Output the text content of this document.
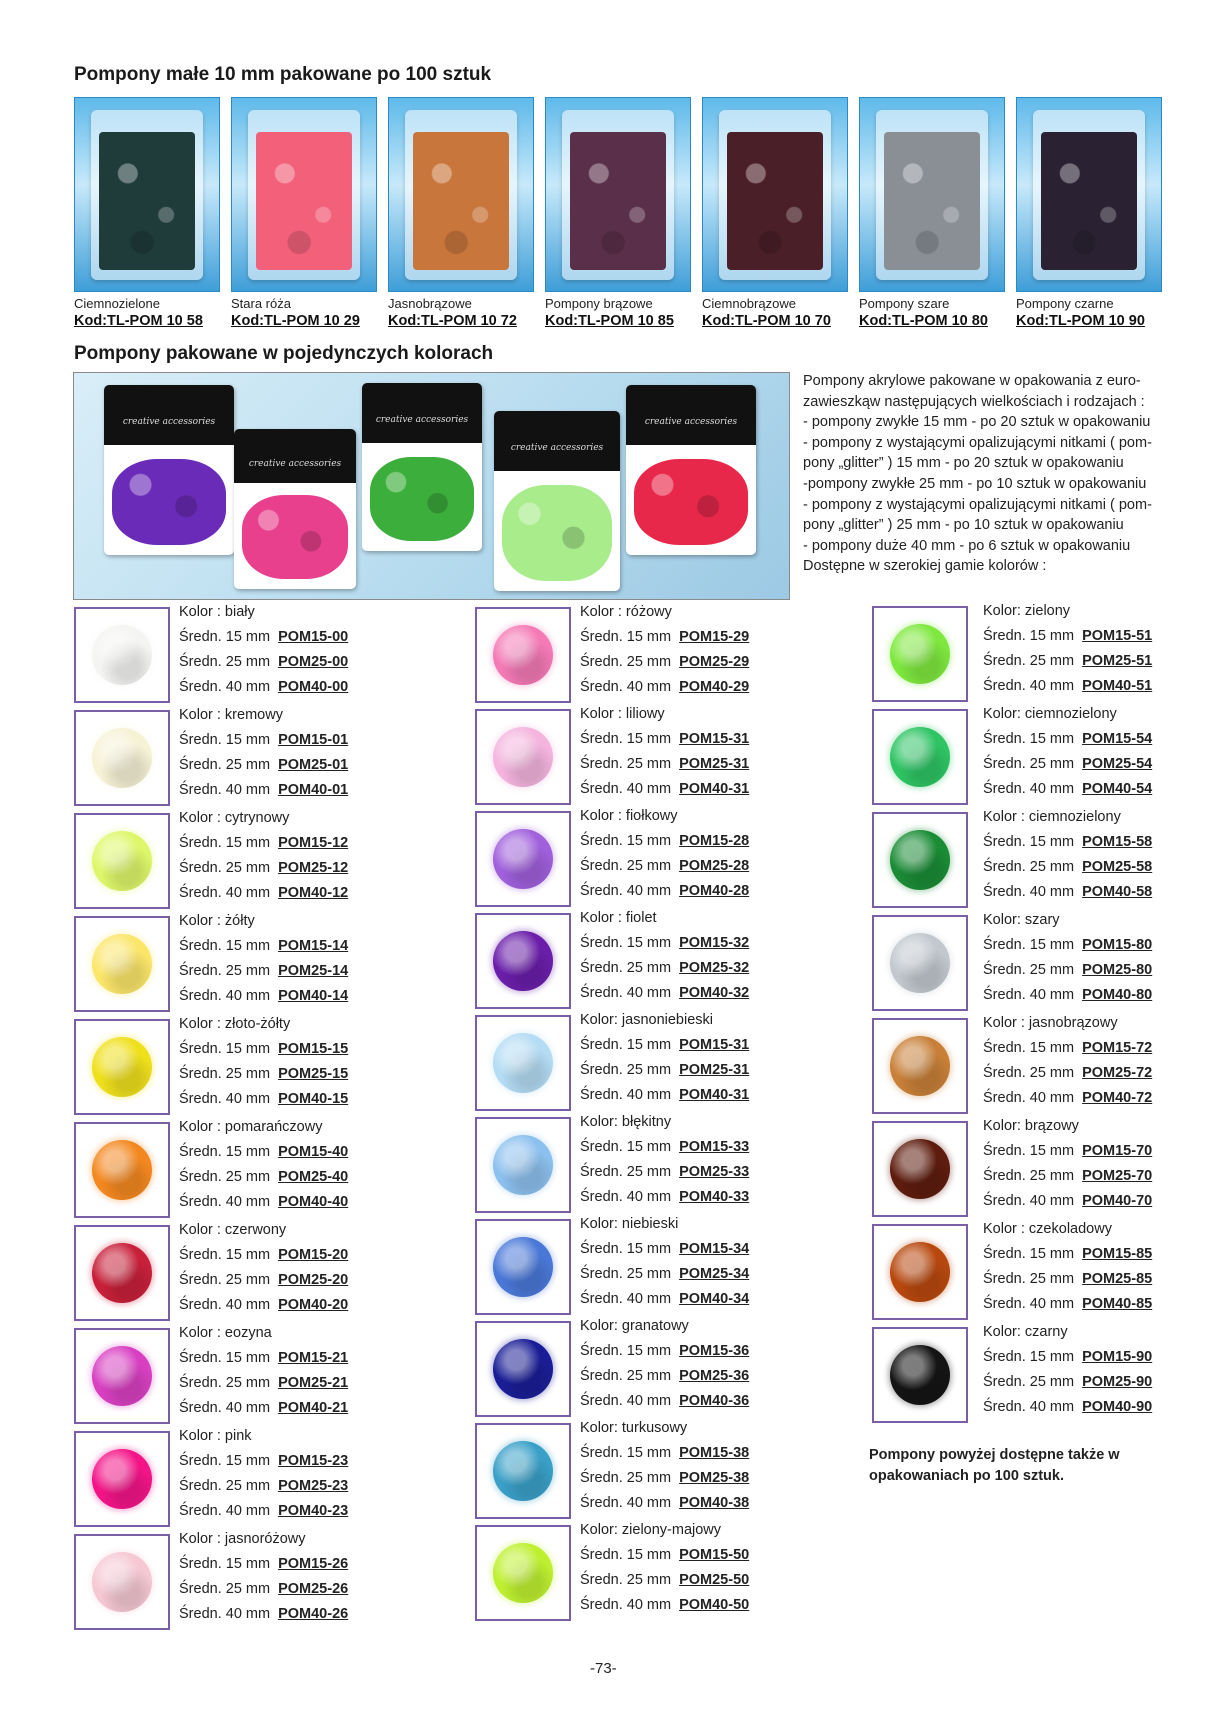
Pompony małe 10 mm pakowane po 100 sztuk
Ciemnozielone
Kod:TL-POM 10 58
Stara róża
Kod:TL-POM 10 29
Jasnobrązowe
Kod:TL-POM 10 72
Pompony brązowe
Kod:TL-POM 10 85
Ciemnobrązowe
Kod:TL-POM 10 70
Pompony szare
Kod:TL-POM 10 80
Pompony czarne
Kod:TL-POM 10 90
Pompony pakowane w pojedynczych kolorach
creative accessories
creative accessories
creative accessories
creative accessories
creative accessories
Pompony akrylowe pakowane w opakowania z euro-
zawieszkąw następujących wielkościach i rodzajach :
- pompony zwykłe 15 mm - po 20 sztuk w opakowaniu
- pompony z wystającymi opalizującymi nitkami ( pom-
pony „glitter” ) 15 mm - po 20 sztuk w opakowaniu
-pompony zwykłe 25 mm - po 10 sztuk w opakowaniu
- pompony z wystającymi opalizującymi nitkami ( pom-
pony „glitter” ) 25 mm - po 10 sztuk w opakowaniu
- pompony duże 40 mm - po 6 sztuk w opakowaniu
Dostępne w szerokiej gamie kolorów :
Kolor : biały
Średn. 15 mm POM15-00
Średn. 25 mm POM25-00
Średn. 40 mm POM40-00
Kolor : kremowy
Średn. 15 mm POM15-01
Średn. 25 mm POM25-01
Średn. 40 mm POM40-01
Kolor : cytrynowy
Średn. 15 mm POM15-12
Średn. 25 mm POM25-12
Średn. 40 mm POM40-12
Kolor : żółty
Średn. 15 mm POM15-14
Średn. 25 mm POM25-14
Średn. 40 mm POM40-14
Kolor : złoto-żółty
Średn. 15 mm POM15-15
Średn. 25 mm POM25-15
Średn. 40 mm POM40-15
Kolor : pomarańczowy
Średn. 15 mm POM15-40
Średn. 25 mm POM25-40
Średn. 40 mm POM40-40
Kolor : czerwony
Średn. 15 mm POM15-20
Średn. 25 mm POM25-20
Średn. 40 mm POM40-20
Kolor : eozyna
Średn. 15 mm POM15-21
Średn. 25 mm POM25-21
Średn. 40 mm POM40-21
Kolor : pink
Średn. 15 mm POM15-23
Średn. 25 mm POM25-23
Średn. 40 mm POM40-23
Kolor : jasnoróżowy
Średn. 15 mm POM15-26
Średn. 25 mm POM25-26
Średn. 40 mm POM40-26
Kolor : różowy
Średn. 15 mm POM15-29
Średn. 25 mm POM25-29
Średn. 40 mm POM40-29
Kolor : liliowy
Średn. 15 mm POM15-31
Średn. 25 mm POM25-31
Średn. 40 mm POM40-31
Kolor : fiołkowy
Średn. 15 mm POM15-28
Średn. 25 mm POM25-28
Średn. 40 mm POM40-28
Kolor : fiolet
Średn. 15 mm POM15-32
Średn. 25 mm POM25-32
Średn. 40 mm POM40-32
Kolor: jasnoniebieski
Średn. 15 mm POM15-31
Średn. 25 mm POM25-31
Średn. 40 mm POM40-31
Kolor: błękitny
Średn. 15 mm POM15-33
Średn. 25 mm POM25-33
Średn. 40 mm POM40-33
Kolor: niebieski
Średn. 15 mm POM15-34
Średn. 25 mm POM25-34
Średn. 40 mm POM40-34
Kolor: granatowy
Średn. 15 mm POM15-36
Średn. 25 mm POM25-36
Średn. 40 mm POM40-36
Kolor: turkusowy
Średn. 15 mm POM15-38
Średn. 25 mm POM25-38
Średn. 40 mm POM40-38
Kolor: zielony-majowy
Średn. 15 mm POM15-50
Średn. 25 mm POM25-50
Średn. 40 mm POM40-50
Kolor: zielony
Średn. 15 mm POM15-51
Średn. 25 mm POM25-51
Średn. 40 mm POM40-51
Kolor: ciemnozielony
Średn. 15 mm POM15-54
Średn. 25 mm POM25-54
Średn. 40 mm POM40-54
Kolor : ciemnozielony
Średn. 15 mm POM15-58
Średn. 25 mm POM25-58
Średn. 40 mm POM40-58
Kolor: szary
Średn. 15 mm POM15-80
Średn. 25 mm POM25-80
Średn. 40 mm POM40-80
Kolor : jasnobrązowy
Średn. 15 mm POM15-72
Średn. 25 mm POM25-72
Średn. 40 mm POM40-72
Kolor: brązowy
Średn. 15 mm POM15-70
Średn. 25 mm POM25-70
Średn. 40 mm POM40-70
Kolor : czekoladowy
Średn. 15 mm POM15-85
Średn. 25 mm POM25-85
Średn. 40 mm POM40-85
Kolor: czarny
Średn. 15 mm POM15-90
Średn. 25 mm POM25-90
Średn. 40 mm POM40-90
Pompony powyżej dostępne także w
opakowaniach po 100 sztuk.
-73-
